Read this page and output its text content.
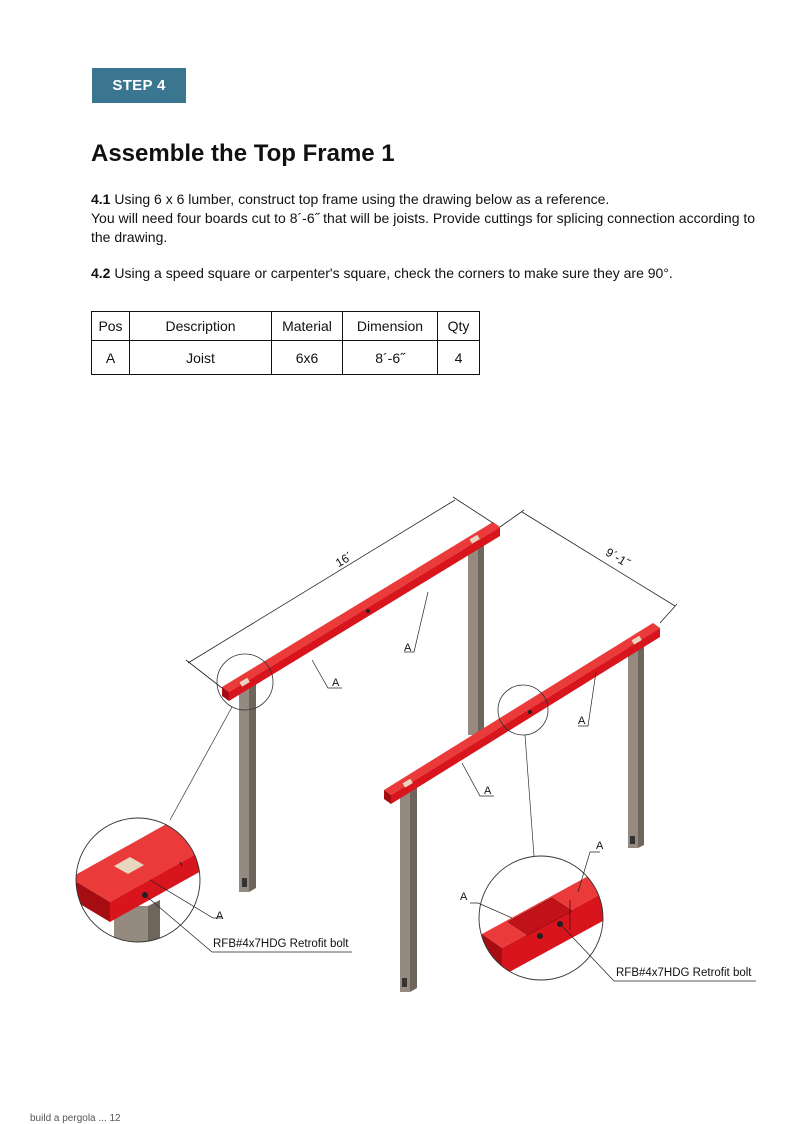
STEP 4
Assemble the Top Frame 1

4.1 Using 6 x 6 lumber, construct top frame using the drawing below as a reference.
You will need four boards cut to 8´-6˝ that will be joists. Provide cuttings for splicing connection according to the drawing.

4.2 Using a speed square or carpenter's square, check the corners to make sure they are 90°.

Pos	Description	Material	Dimension	Qty
A	Joist	6x6	8´-6˝	4
16´	9´-1˝
A
A
A
A
A
RFB#4x7HDG Retrofit bolt
A
A
RFB#4x7HDG Retrofit bolt
build a pergola ... 12
